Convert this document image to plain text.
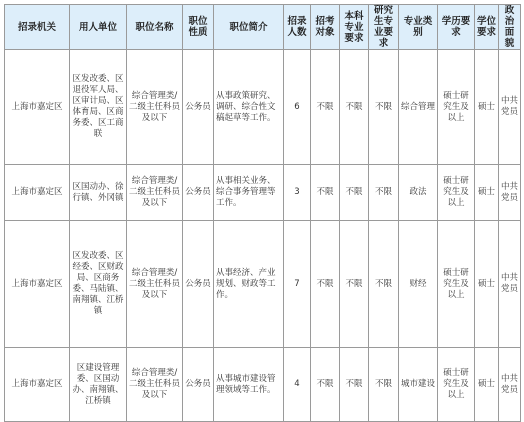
招录机关	用人单位	职位名称	职位性质	职位简介	招录人数	招考对象	本科专业要求	研究生专业要求	专业类别	学历要求	学位要求	政治面貌
上海市嘉定区	区发改委、区退役军人局、区审计局、区体育局、区商务委、区工商联	综合管理类/二级主任科员及以下	公务员	从事政策研究、调研、综合性文稿起草等工作。	6	不限	不限	不限	综合管理	硕士研究生及以上	硕士	中共党员
上海市嘉定区	区国动办、徐行镇、外冈镇	综合管理类/二级主任科员及以下	公务员	从事相关业务、综合事务管理等工作。	3	不限	不限	不限	政法	硕士研究生及以上	硕士	中共党员
上海市嘉定区	区发改委、区经委、区财政局、区商务委、马陆镇、南翔镇、江桥镇	综合管理类/二级主任科员及以下	公务员	从事经济、产业规划、财政等工作。	7	不限	不限	不限	财经	硕士研究生及以上	硕士	中共党员
上海市嘉定区	区建设管理委、区国动办、南翔镇、江桥镇	综合管理类/二级主任科员及以下	公务员	从事城市建设管理领域等工作。	4	不限	不限	不限	城市建设	硕士研究生及以上	硕士	中共党员
